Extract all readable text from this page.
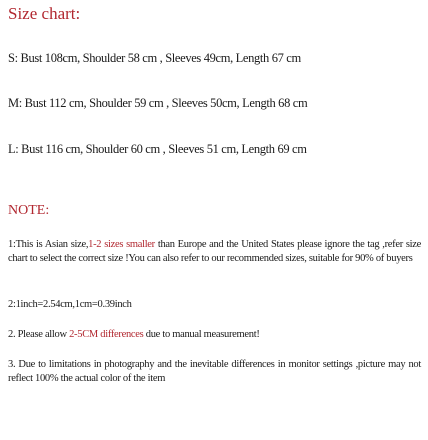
Size chart:
S: Bust 108cm, Shoulder 58 cm , Sleeves 49cm, Length 67 cm
M: Bust 112 cm, Shoulder 59 cm , Sleeves 50cm, Length 68 cm
L: Bust 116 cm, Shoulder 60 cm , Sleeves 51 cm, Length 69 cm
NOTE:
1:This is Asian size,1-2 sizes smaller than Europe and the United States please ignore the tag ,refer size chart to select the correct size !You can also refer to our recommended sizes, suitable for 90% of buyers
2:1inch=2.54cm,1cm=0.39inch
2. Please allow 2-5CM differences due to manual measurement!
3. Due to limitations in photography and the inevitable differences in monitor settings ,picture may not reflect 100% the actual color of the item
